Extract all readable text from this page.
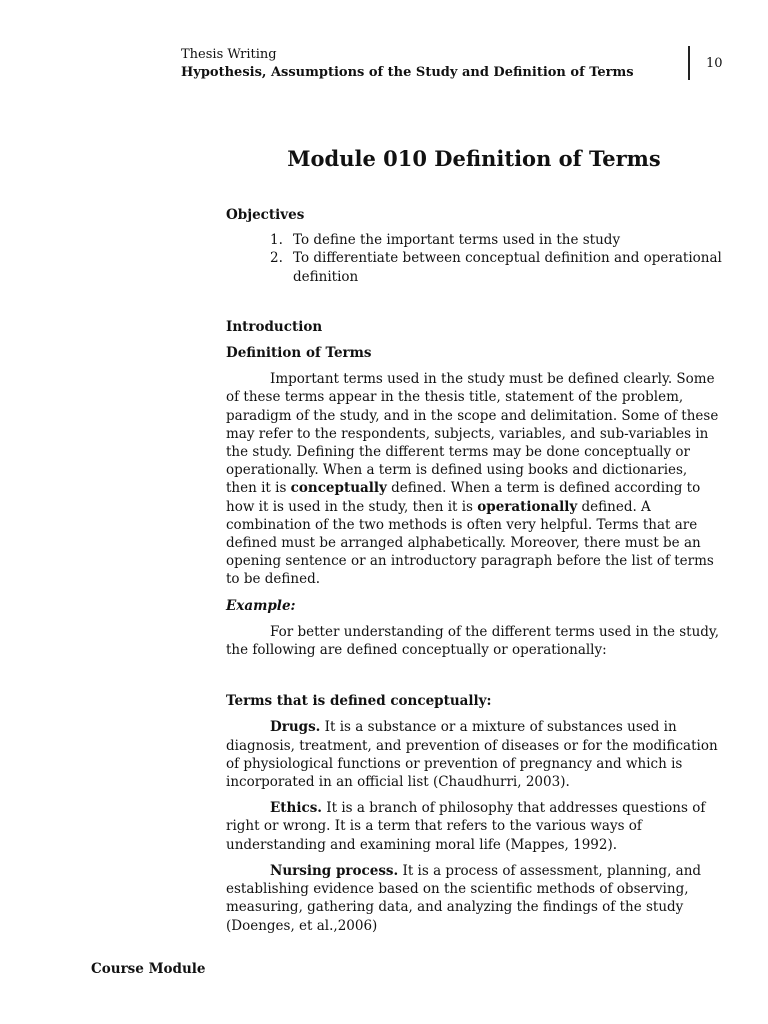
Thesis Writing
Hypothesis, Assumptions of the Study and Definition of Terms
10
Module 010 Definition of Terms

Objectives

1. To define the important terms used in the study
2. To differentiate between conceptual definition and operational definition

Introduction

Definition of Terms

Important terms used in the study must be defined clearly. Some of these terms appear in the thesis title, statement of the problem, paradigm of the study, and in the scope and delimitation. Some of these may refer to the respondents, subjects, variables, and sub-variables in the study. Defining the different terms may be done conceptually or operationally. When a term is defined using books and dictionaries, then it is conceptually defined. When a term is defined according to how it is used in the study, then it is operationally defined. A combination of the two methods is often very helpful. Terms that are defined must be arranged alphabetically. Moreover, there must be an opening sentence or an introductory paragraph before the list of terms to be defined.

Example:

For better understanding of the different terms used in the study, the following are defined conceptually or operationally:

Terms that is defined conceptually:

Drugs. It is a substance or a mixture of substances used in diagnosis, treatment, and prevention of diseases or for the modification of physiological functions or prevention of pregnancy and which is incorporated in an official list (Chaudhurri, 2003).

Ethics. It is a branch of philosophy that addresses questions of right or wrong. It is a term that refers to the various ways of understanding and examining moral life (Mappes, 1992).

Nursing process. It is a process of assessment, planning, and establishing evidence based on the scientific methods of observing, measuring, gathering data, and analyzing the findings of the study (Doenges, et al.,2006)

Course Module
